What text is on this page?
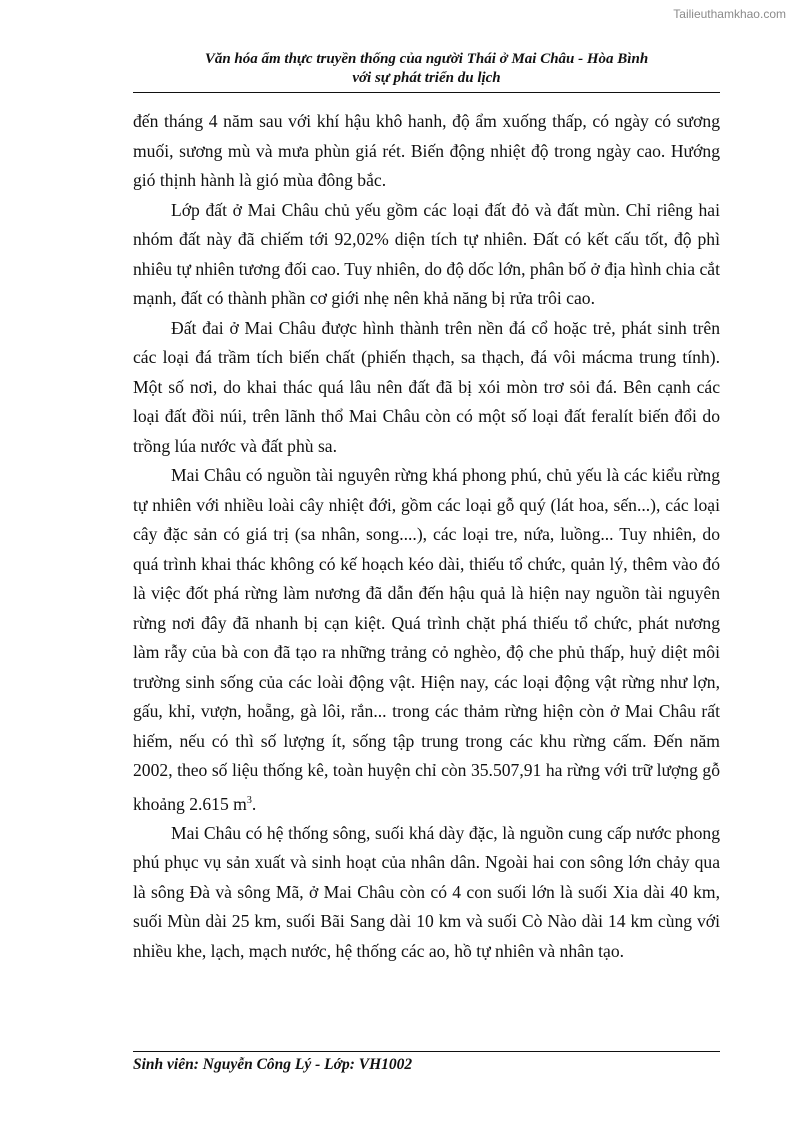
Tailieuthamkhao.com
Văn hóa ẩm thực truyền thống của người Thái ở Mai Châu - Hòa Bình
với sự phát triển du lịch

đến tháng 4 năm sau với khí hậu khô hanh, độ ẩm xuống thấp, có ngày có sương muối, sương mù và mưa phùn giá rét. Biến động nhiệt độ trong ngày cao. Hướng gió thịnh hành là gió mùa đông bắc.

Lớp đất ở Mai Châu chủ yếu gồm các loại đất đỏ và đất mùn. Chỉ riêng hai nhóm đất này đã chiếm tới 92,02% diện tích tự nhiên. Đất có kết cấu tốt, độ phì nhiêu tự nhiên tương đối cao. Tuy nhiên, do độ dốc lớn, phân bố ở địa hình chia cắt mạnh, đất có thành phần cơ giới nhẹ nên khả năng bị rửa trôi cao.

Đất đai ở Mai Châu được hình thành trên nền đá cổ hoặc trẻ, phát sinh trên các loại đá trầm tích biến chất (phiến thạch, sa thạch, đá vôi mácma trung tính). Một số nơi, do khai thác quá lâu nên đất đã bị xói mòn trơ sỏi đá. Bên cạnh các loại đất đồi núi, trên lãnh thổ Mai Châu còn có một số loại đất feralít biến đổi do trồng lúa nước và đất phù sa.

Mai Châu có nguồn tài nguyên rừng khá phong phú, chủ yếu là các kiểu rừng tự nhiên với nhiều loài cây nhiệt đới, gồm các loại gỗ quý (lát hoa, sến...), các loại cây đặc sản có giá trị (sa nhân, song....), các loại tre, nứa, luồng... Tuy nhiên, do quá trình khai thác không có kế hoạch kéo dài, thiếu tổ chức, quản lý, thêm vào đó là việc đốt phá rừng làm nương đã dẫn đến hậu quả là hiện nay nguồn tài nguyên rừng nơi đây đã nhanh bị cạn kiệt. Quá trình chặt phá thiếu tổ chức, phát nương làm rẫy của bà con đã tạo ra những trảng cỏ nghèo, độ che phủ thấp, huỷ diệt môi trường sinh sống của các loài động vật. Hiện nay, các loại động vật rừng như lợn, gấu, khỉ, vượn, hoẵng, gà lôi, rắn... trong các thảm rừng hiện còn ở Mai Châu rất hiếm, nếu có thì số lượng ít, sống tập trung trong các khu rừng cấm. Đến năm 2002, theo số liệu thống kê, toàn huyện chỉ còn 35.507,91 ha rừng với trữ lượng gỗ khoảng 2.615 $m^3$.

Mai Châu có hệ thống sông, suối khá dày đặc, là nguồn cung cấp nước phong phú phục vụ sản xuất và sinh hoạt của nhân dân. Ngoài hai con sông lớn chảy qua là sông Đà và sông Mã, ở Mai Châu còn có 4 con suối lớn là suối Xia dài 40 km, suối Mùn dài 25 km, suối Bãi Sang dài 10 km và suối Cò Nào dài 14 km cùng với nhiều khe, lạch, mạch nước, hệ thống các ao, hồ tự nhiên và nhân tạo.

Sinh viên: Nguyễn Công Lý - Lớp: VH1002
